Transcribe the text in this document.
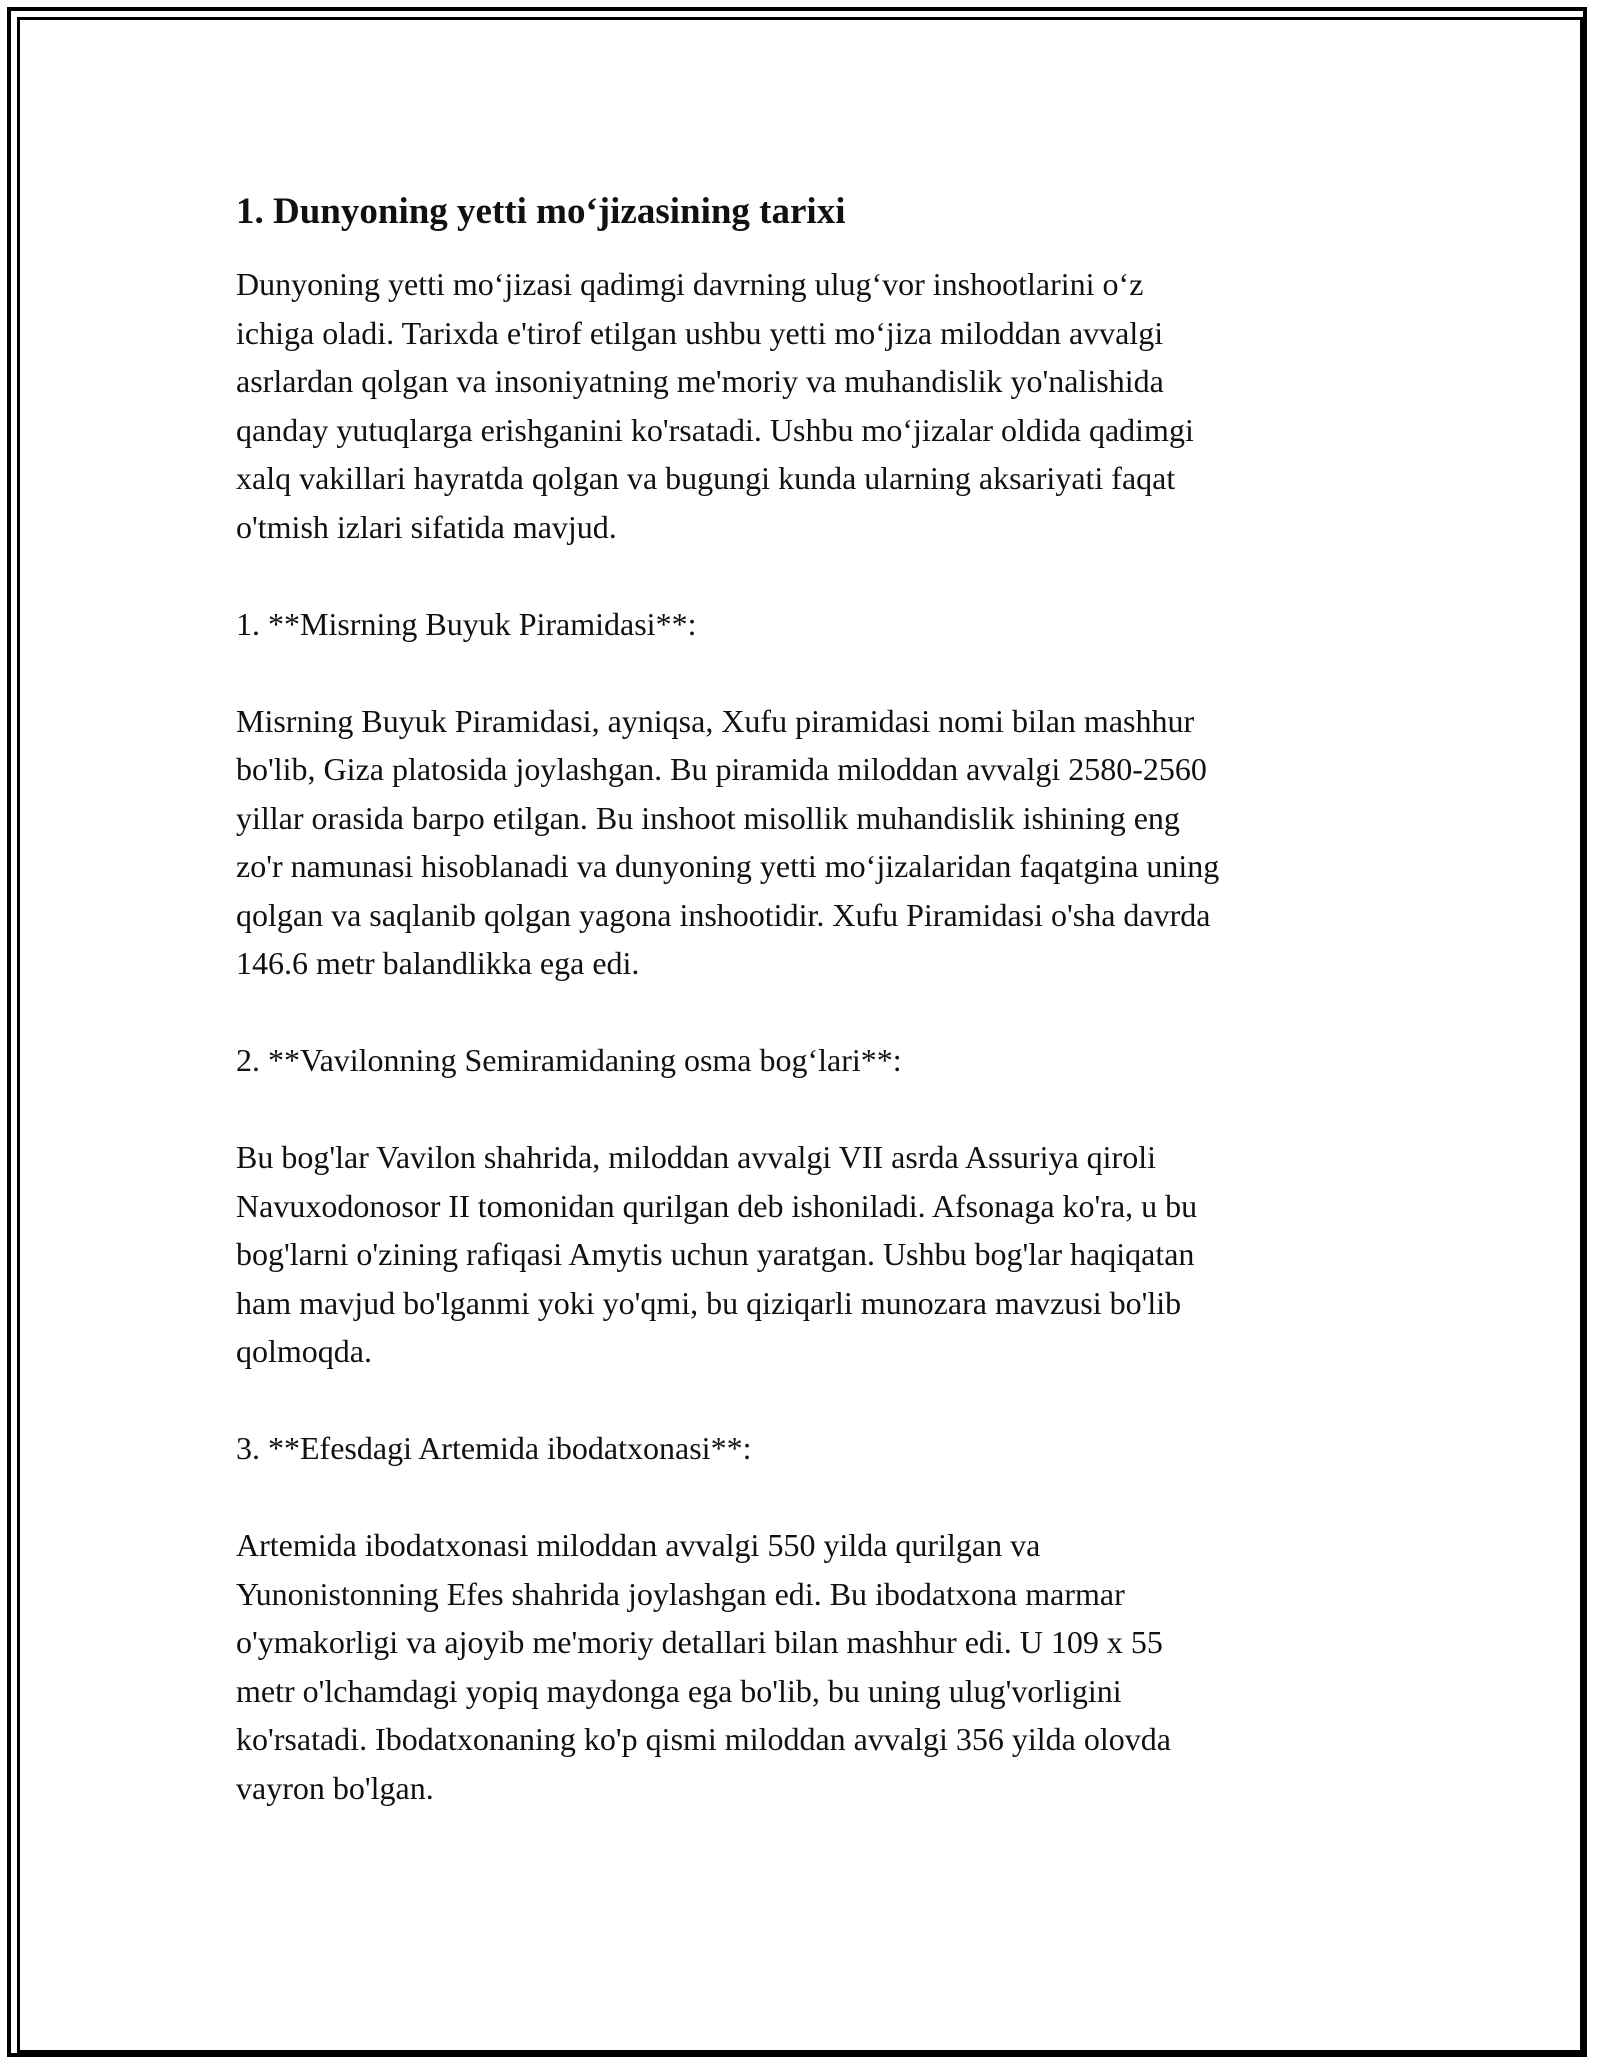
1. Dunyoning yetti mo‘jizasining tarixi

Dunyoning yetti mo‘jizasi qadimgi davrning ulug‘vor inshootlarini o‘z
ichiga oladi. Tarixda e'tirof etilgan ushbu yetti mo‘jiza miloddan avvalgi
asrlardan qolgan va insoniyatning me'moriy va muhandislik yo'nalishida
qanday yutuqlarga erishganini ko'rsatadi. Ushbu mo‘jizalar oldida qadimgi
xalq vakillari hayratda qolgan va bugungi kunda ularning aksariyati faqat
o'tmish izlari sifatida mavjud.

1. **Misrning Buyuk Piramidasi**:

Misrning Buyuk Piramidasi, ayniqsa, Xufu piramidasi nomi bilan mashhur
bo'lib, Giza platosida joylashgan. Bu piramida miloddan avvalgi 2580-2560
yillar orasida barpo etilgan. Bu inshoot misollik muhandislik ishining eng
zo'r namunasi hisoblanadi va dunyoning yetti mo‘jizalaridan faqatgina uning
qolgan va saqlanib qolgan yagona inshootidir. Xufu Piramidasi o'sha davrda
146.6 metr balandlikka ega edi.

2. **Vavilonning Semiramidaning osma bog‘lari**:

Bu bog'lar Vavilon shahrida, miloddan avvalgi VII asrda Assuriya qiroli
Navuxodonosor II tomonidan qurilgan deb ishoniladi. Afsonaga ko'ra, u bu
bog'larni o'zining rafiqasi Amytis uchun yaratgan. Ushbu bog'lar haqiqatan
ham mavjud bo'lganmi yoki yo'qmi, bu qiziqarli munozara mavzusi bo'lib
qolmoqda.

3. **Efesdagi Artemida ibodatxonasi**:

Artemida ibodatxonasi miloddan avvalgi 550 yilda qurilgan va
Yunonistonning Efes shahrida joylashgan edi. Bu ibodatxona marmar
o'ymakorligi va ajoyib me'moriy detallari bilan mashhur edi. U 109 x 55
metr o'lchamdagi yopiq maydonga ega bo'lib, bu uning ulug'vorligini
ko'rsatadi. Ibodatxonaning ko'p qismi miloddan avvalgi 356 yilda olovda
vayron bo'lgan.
